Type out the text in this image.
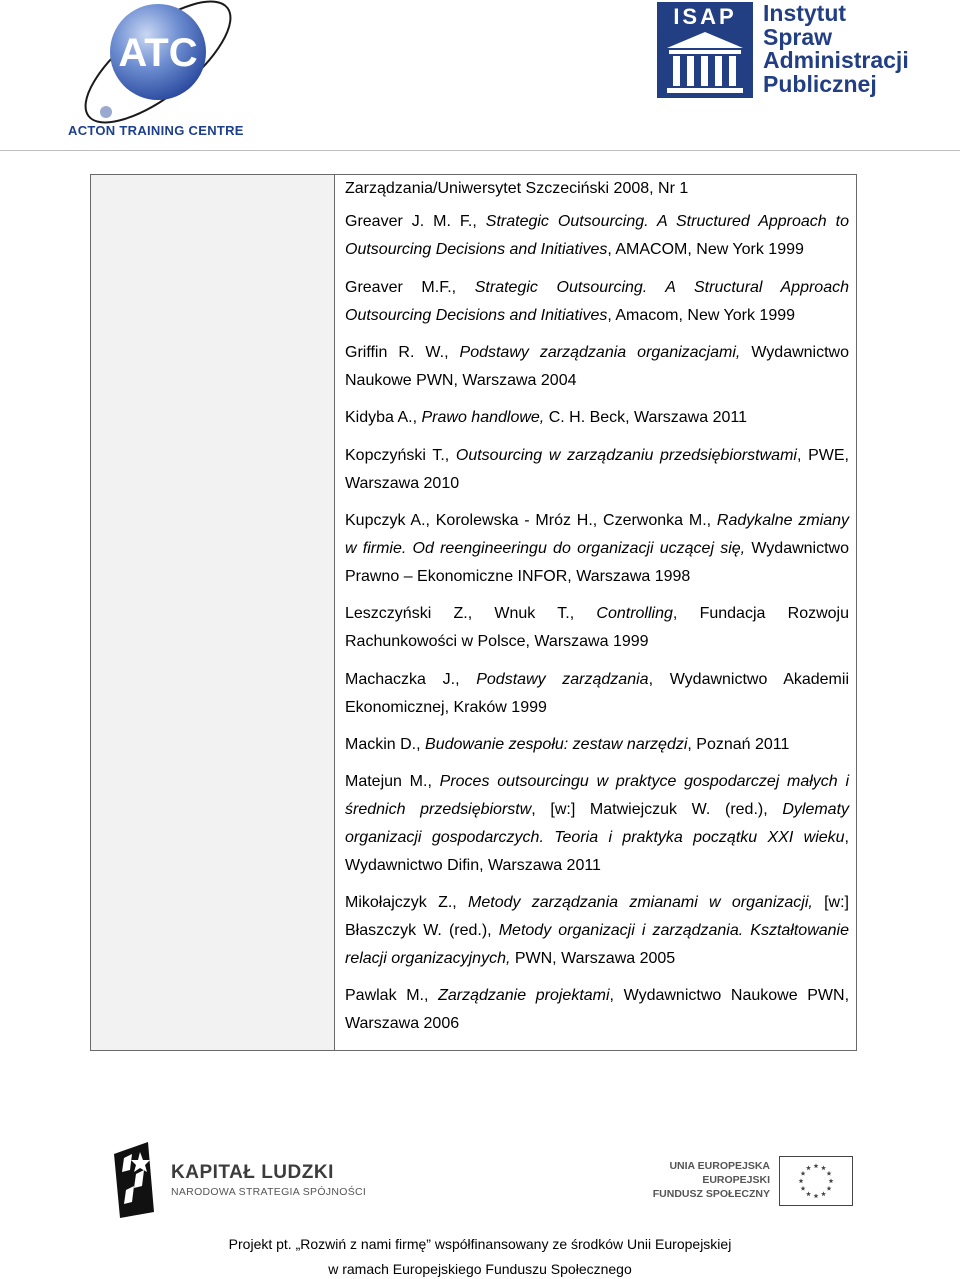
ATC
ACTON TRAINING CENTRE
ISAP	Instytut
Spraw
Administracji
Publicznej

Zarządzania/Uniwersytet Szczeciński 2008, Nr 1

Greaver J. M. F., Strategic Outsourcing. A Structured Approach to Outsourcing Decisions and Initiatives, AMACOM, New York 1999

Greaver M.F., Strategic Outsourcing. A Structural Approach Outsourcing Decisions and Initiatives, Amacom, New York 1999

Griffin R. W., Podstawy zarządzania organizacjami, Wydawnictwo Naukowe PWN, Warszawa 2004

Kidyba A., Prawo handlowe, C. H. Beck, Warszawa 2011

Kopczyński T., Outsourcing w zarządzaniu przedsiębiorstwami, PWE, Warszawa 2010

Kupczyk A., Korolewska - Mróz H., Czerwonka M., Radykalne zmiany w firmie. Od reengineeringu do organizacji uczącej się, Wydawnictwo Prawno – Ekonomiczne INFOR, Warszawa 1998

Leszczyński Z., Wnuk T., Controlling, Fundacja Rozwoju Rachunkowości w Polsce, Warszawa 1999

Machaczka J., Podstawy zarządzania, Wydawnictwo Akademii Ekonomicznej, Kraków 1999

Mackin D., Budowanie zespołu: zestaw narzędzi, Poznań 2011

Matejun M., Proces outsourcingu w praktyce gospodarczej małych i średnich przedsiębiorstw, [w:] Matwiejczuk W. (red.), Dylematy organizacji gospodarczych. Teoria i praktyka początku XXI wieku, Wydawnictwo Difin, Warszawa 2011

Mikołajczyk Z., Metody zarządzania zmianami w organizacji, [w:] Błaszczyk W. (red.), Metody organizacji i zarządzania. Kształtowanie relacji organizacyjnych, PWN, Warszawa 2005

Pawlak M., Zarządzanie projektami, Wydawnictwo Naukowe PWN, Warszawa 2006

KAPITAŁ LUDZKI
NARODOWA STRATEGIA SPÓJNOŚCI
UNIA EUROPEJSKA
EUROPEJSKI
FUNDUSZ SPOŁECZNY
Projekt pt. „Rozwiń z nami firmę” współfinansowany ze środków Unii Europejskiej
w ramach Europejskiego Funduszu Społecznego
